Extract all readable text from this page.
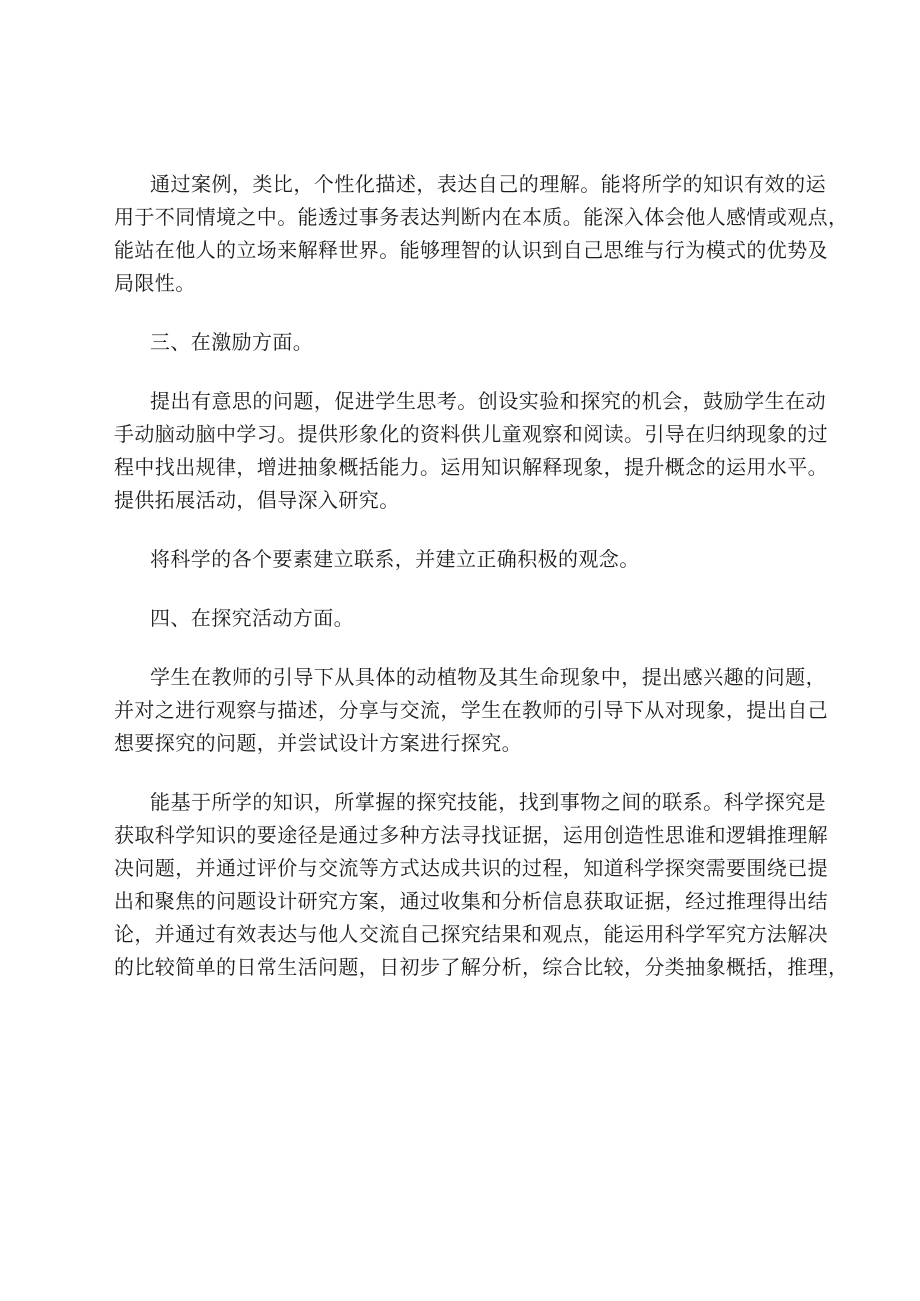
通过案例，类比，个性化描述，表达自己的理解。能将所学的知识有效的运
用于不同情境之中。能透过事务表达判断内在本质。能深入体会他人感情或观点，
能站在他人的立场来解释世界。能够理智的认识到自己思维与行为模式的优势及
局限性。
三、在激励方面。
提出有意思的问题，促进学生思考。创设实验和探究的机会，鼓励学生在动
手动脑动脑中学习。提供形象化的资料供儿童观察和阅读。引导在归纳现象的过
程中找出规律，增进抽象概括能力。运用知识解释现象，提升概念的运用水平。
提供拓展活动，倡导深入研究。
将科学的各个要素建立联系，并建立正确积极的观念。
四、在探究活动方面。
学生在教师的引导下从具体的动植物及其生命现象中，提出感兴趣的问题，
并对之进行观察与描述，分享与交流，学生在教师的引导下从对现象，提出自己
想要探究的问题，并尝试设计方案进行探究。
能基于所学的知识，所掌握的探究技能，找到事物之间的联系。科学探究是
获取科学知识的要途径是通过多种方法寻找证据，运用创造性思谁和逻辑推理解
决问题，并通过评价与交流等方式达成共识的过程，知道科学探突需要围绕已提
出和聚焦的问题设计研究方案，通过收集和分析信息获取证据，经过推理得出结
论，并通过有效表达与他人交流自己探究结果和观点，能运用科学军究方法解决
的比较简单的日常生活问题，日初步了解分析，综合比较，分类抽象概括，推理，
